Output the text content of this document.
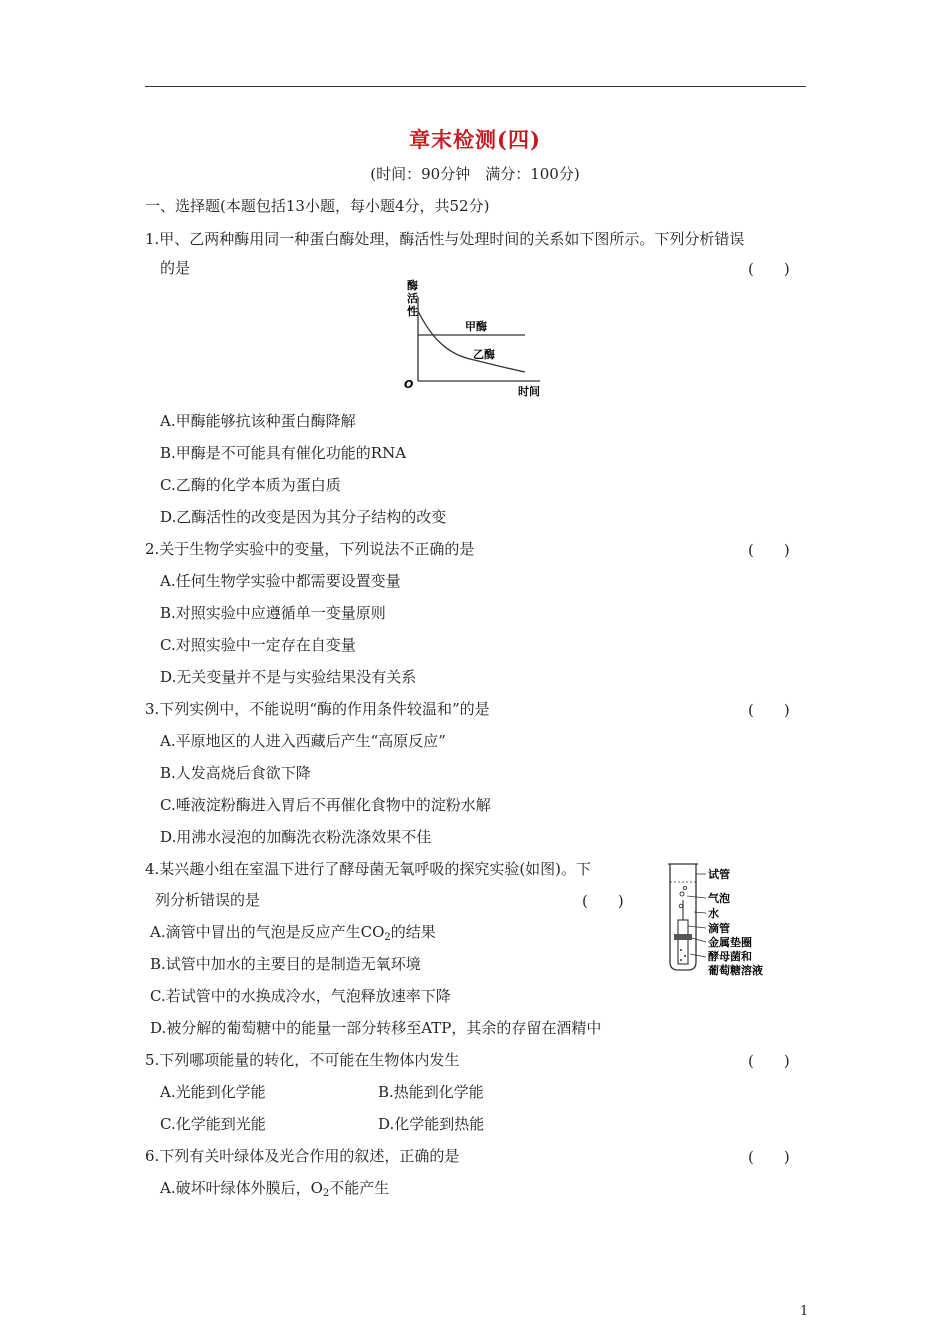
章末检测(四)
(时间：90分钟　满分：100分)
一、选择题(本题包括13小题，每小题4分，共52分)
1.甲、乙两种酶用同一种蛋白酶处理，酶活性与处理时间的关系如下图所示。下列分析错误
的是	(　　)
酶
活
性
甲酶
乙酶
O
时间
A.甲酶能够抗该种蛋白酶降解
B.甲酶是不可能具有催化功能的RNA
C.乙酶的化学本质为蛋白质
D.乙酶活性的改变是因为其分子结构的改变
2.关于生物学实验中的变量，下列说法不正确的是	(　　)
A.任何生物学实验中都需要设置变量
B.对照实验中应遵循单一变量原则
C.对照实验中一定存在自变量
D.无关变量并不是与实验结果没有关系
3.下列实例中，不能说明“酶的作用条件较温和”的是	(　　)
A.平原地区的人进入西藏后产生“高原反应”
B.人发高烧后食欲下降
C.唾液淀粉酶进入胃后不再催化食物中的淀粉水解
D.用沸水浸泡的加酶洗衣粉洗涤效果不佳
4.某兴趣小组在室温下进行了酵母菌无氧呼吸的探究实验(如图)。下
列分析错误的是	(　　)
A.滴管中冒出的气泡是反应产生$CO_2$的结果
B.试管中加水的主要目的是制造无氧环境
C.若试管中的水换成冷水，气泡释放速率下降
D.被分解的葡萄糖中的能量一部分转移至ATP，其余的存留在酒精中
试管
气泡
水
滴管
金属垫圈
酵母菌和
葡萄糖溶液
5.下列哪项能量的转化，不可能在生物体内发生	(　　)
A.光能到化学能	B.热能到化学能
C.化学能到光能	D.化学能到热能
6.下列有关叶绿体及光合作用的叙述，正确的是	(　　)
A.破坏叶绿体外膜后，$O_2$不能产生
1
